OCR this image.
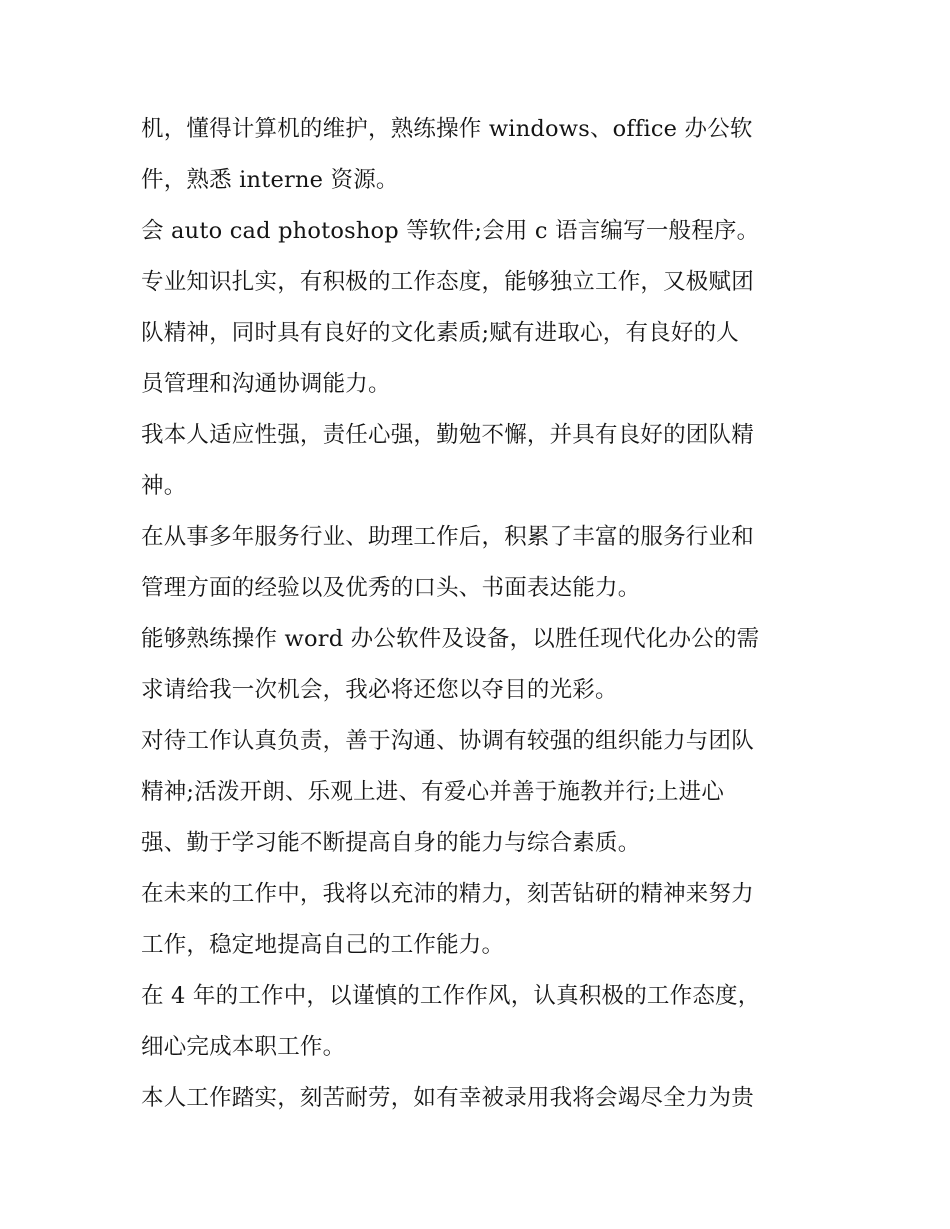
机，懂得计算机的维护，熟练操作 windows、office 办公软
件，熟悉 interne 资源。
会 auto cad photoshop 等软件;会用 c 语言编写一般程序。
专业知识扎实，有积极的工作态度，能够独立工作，又极赋团
队精神，同时具有良好的文化素质;赋有进取心，有良好的人
员管理和沟通协调能力。
我本人适应性强，责任心强，勤勉不懈，并具有良好的团队精
神。
在从事多年服务行业、助理工作后，积累了丰富的服务行业和
管理方面的经验以及优秀的口头、书面表达能力。
能够熟练操作 word 办公软件及设备，以胜任现代化办公的需
求请给我一次机会，我必将还您以夺目的光彩。
对待工作认真负责，善于沟通、协调有较强的组织能力与团队
精神;活泼开朗、乐观上进、有爱心并善于施教并行;上进心
强、勤于学习能不断提高自身的能力与综合素质。
在未来的工作中，我将以充沛的精力，刻苦钻研的精神来努力
工作，稳定地提高自己的工作能力。
在 4 年的工作中，以谨慎的工作作风，认真积极的工作态度，
细心完成本职工作。
本人工作踏实，刻苦耐劳，如有幸被录用我将会竭尽全力为贵
